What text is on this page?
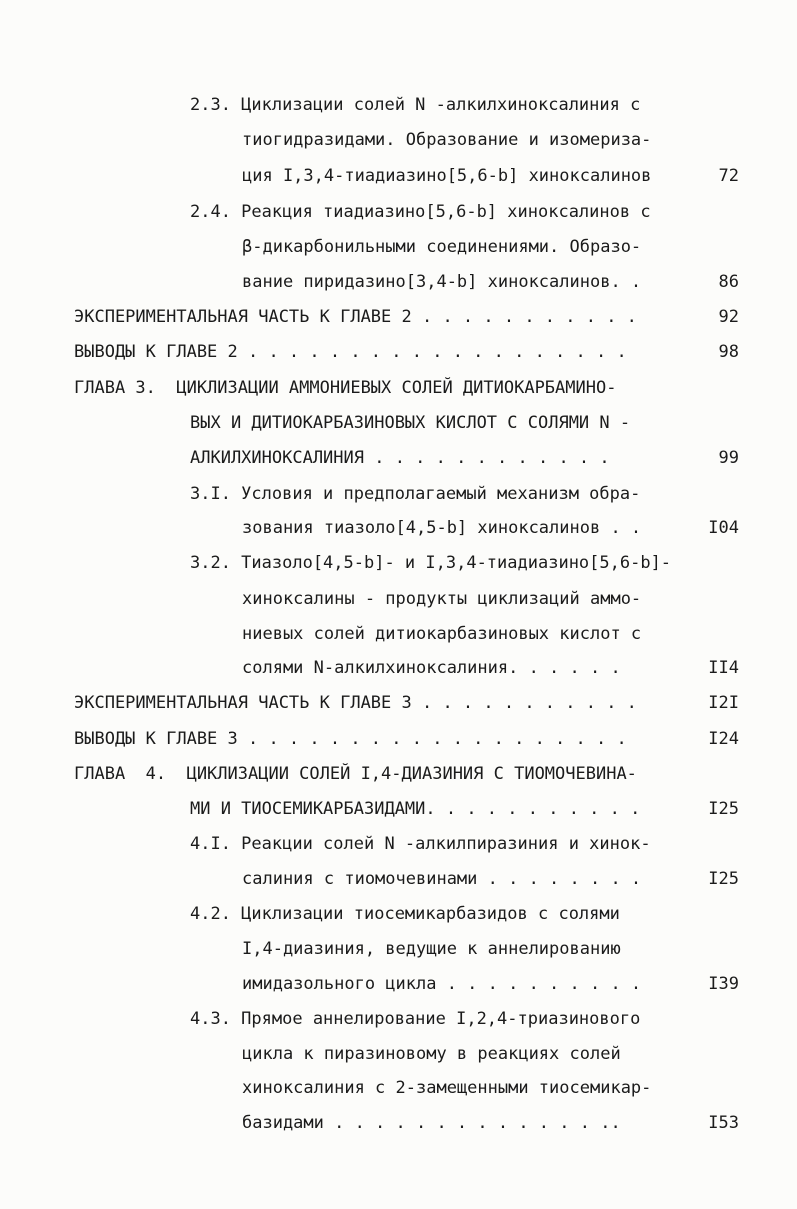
2.3. Циклизации солей N -алкилхиноксалиния с
тиогидразидами. Образование и изомериза-
ция I,3,4-тиадиазино[5,6-b] хиноксалинов	72
2.4. Реакция тиадиазино[5,6-b] хиноксалинов с
β-дикарбонильными соединениями. Образо-
вание пиридазино[3,4-b] хиноксалинов. .	86
ЭКСПЕРИМЕНТАЛЬНАЯ ЧАСТЬ К ГЛАВЕ 2 . . . . . . . . . . .	92
ВЫВОДЫ К ГЛАВЕ 2 . . . . . . . . . . . . . . . . . . .	98
ГЛАВА 3.  ЦИКЛИЗАЦИИ АММОНИЕВЫХ СОЛЕЙ ДИТИОКАРБАМИНО-
ВЫХ И ДИТИОКАРБАЗИНОВЫХ КИСЛОТ С СОЛЯМИ N -
АЛКИЛХИНОКСАЛИНИЯ . . . . . . . . . . . .	99
3.I. Условия и предполагаемый механизм обра-
зования тиазоло[4,5-b] хиноксалинов . .	I04
3.2. Тиазоло[4,5-b]- и I,3,4-тиадиазино[5,6-b]-
хиноксалины - продукты циклизаций аммо-
ниевых солей дитиокарбазиновых кислот с
солями N-алкилхиноксалиния. . . . . .	II4
ЭКСПЕРИМЕНТАЛЬНАЯ ЧАСТЬ К ГЛАВЕ 3 . . . . . . . . . . .	I2I
ВЫВОДЫ К ГЛАВЕ 3 . . . . . . . . . . . . . . . . . . .	I24
ГЛАВА  4.  ЦИКЛИЗАЦИИ СОЛЕЙ I,4-ДИАЗИНИЯ С ТИОМОЧЕВИНА-
МИ И ТИОСЕМИКАРБАЗИДАМИ. . . . . . . . . . .	I25
4.I. Реакции солей N -алкилпиразиния и хинок-
салиния с тиомочевинами . . . . . . . .	I25
4.2. Циклизации тиосемикарбазидов с солями
I,4-диазиния, ведущие к аннелированию
имидазольного цикла . . . . . . . . . .	I39
4.3. Прямое аннелирование I,2,4-триазинового
цикла к пиразиновому в реакциях солей
хиноксалиния с 2-замещенными тиосемикар-
базидами . . . . . . . . . . . . . ..	I53
